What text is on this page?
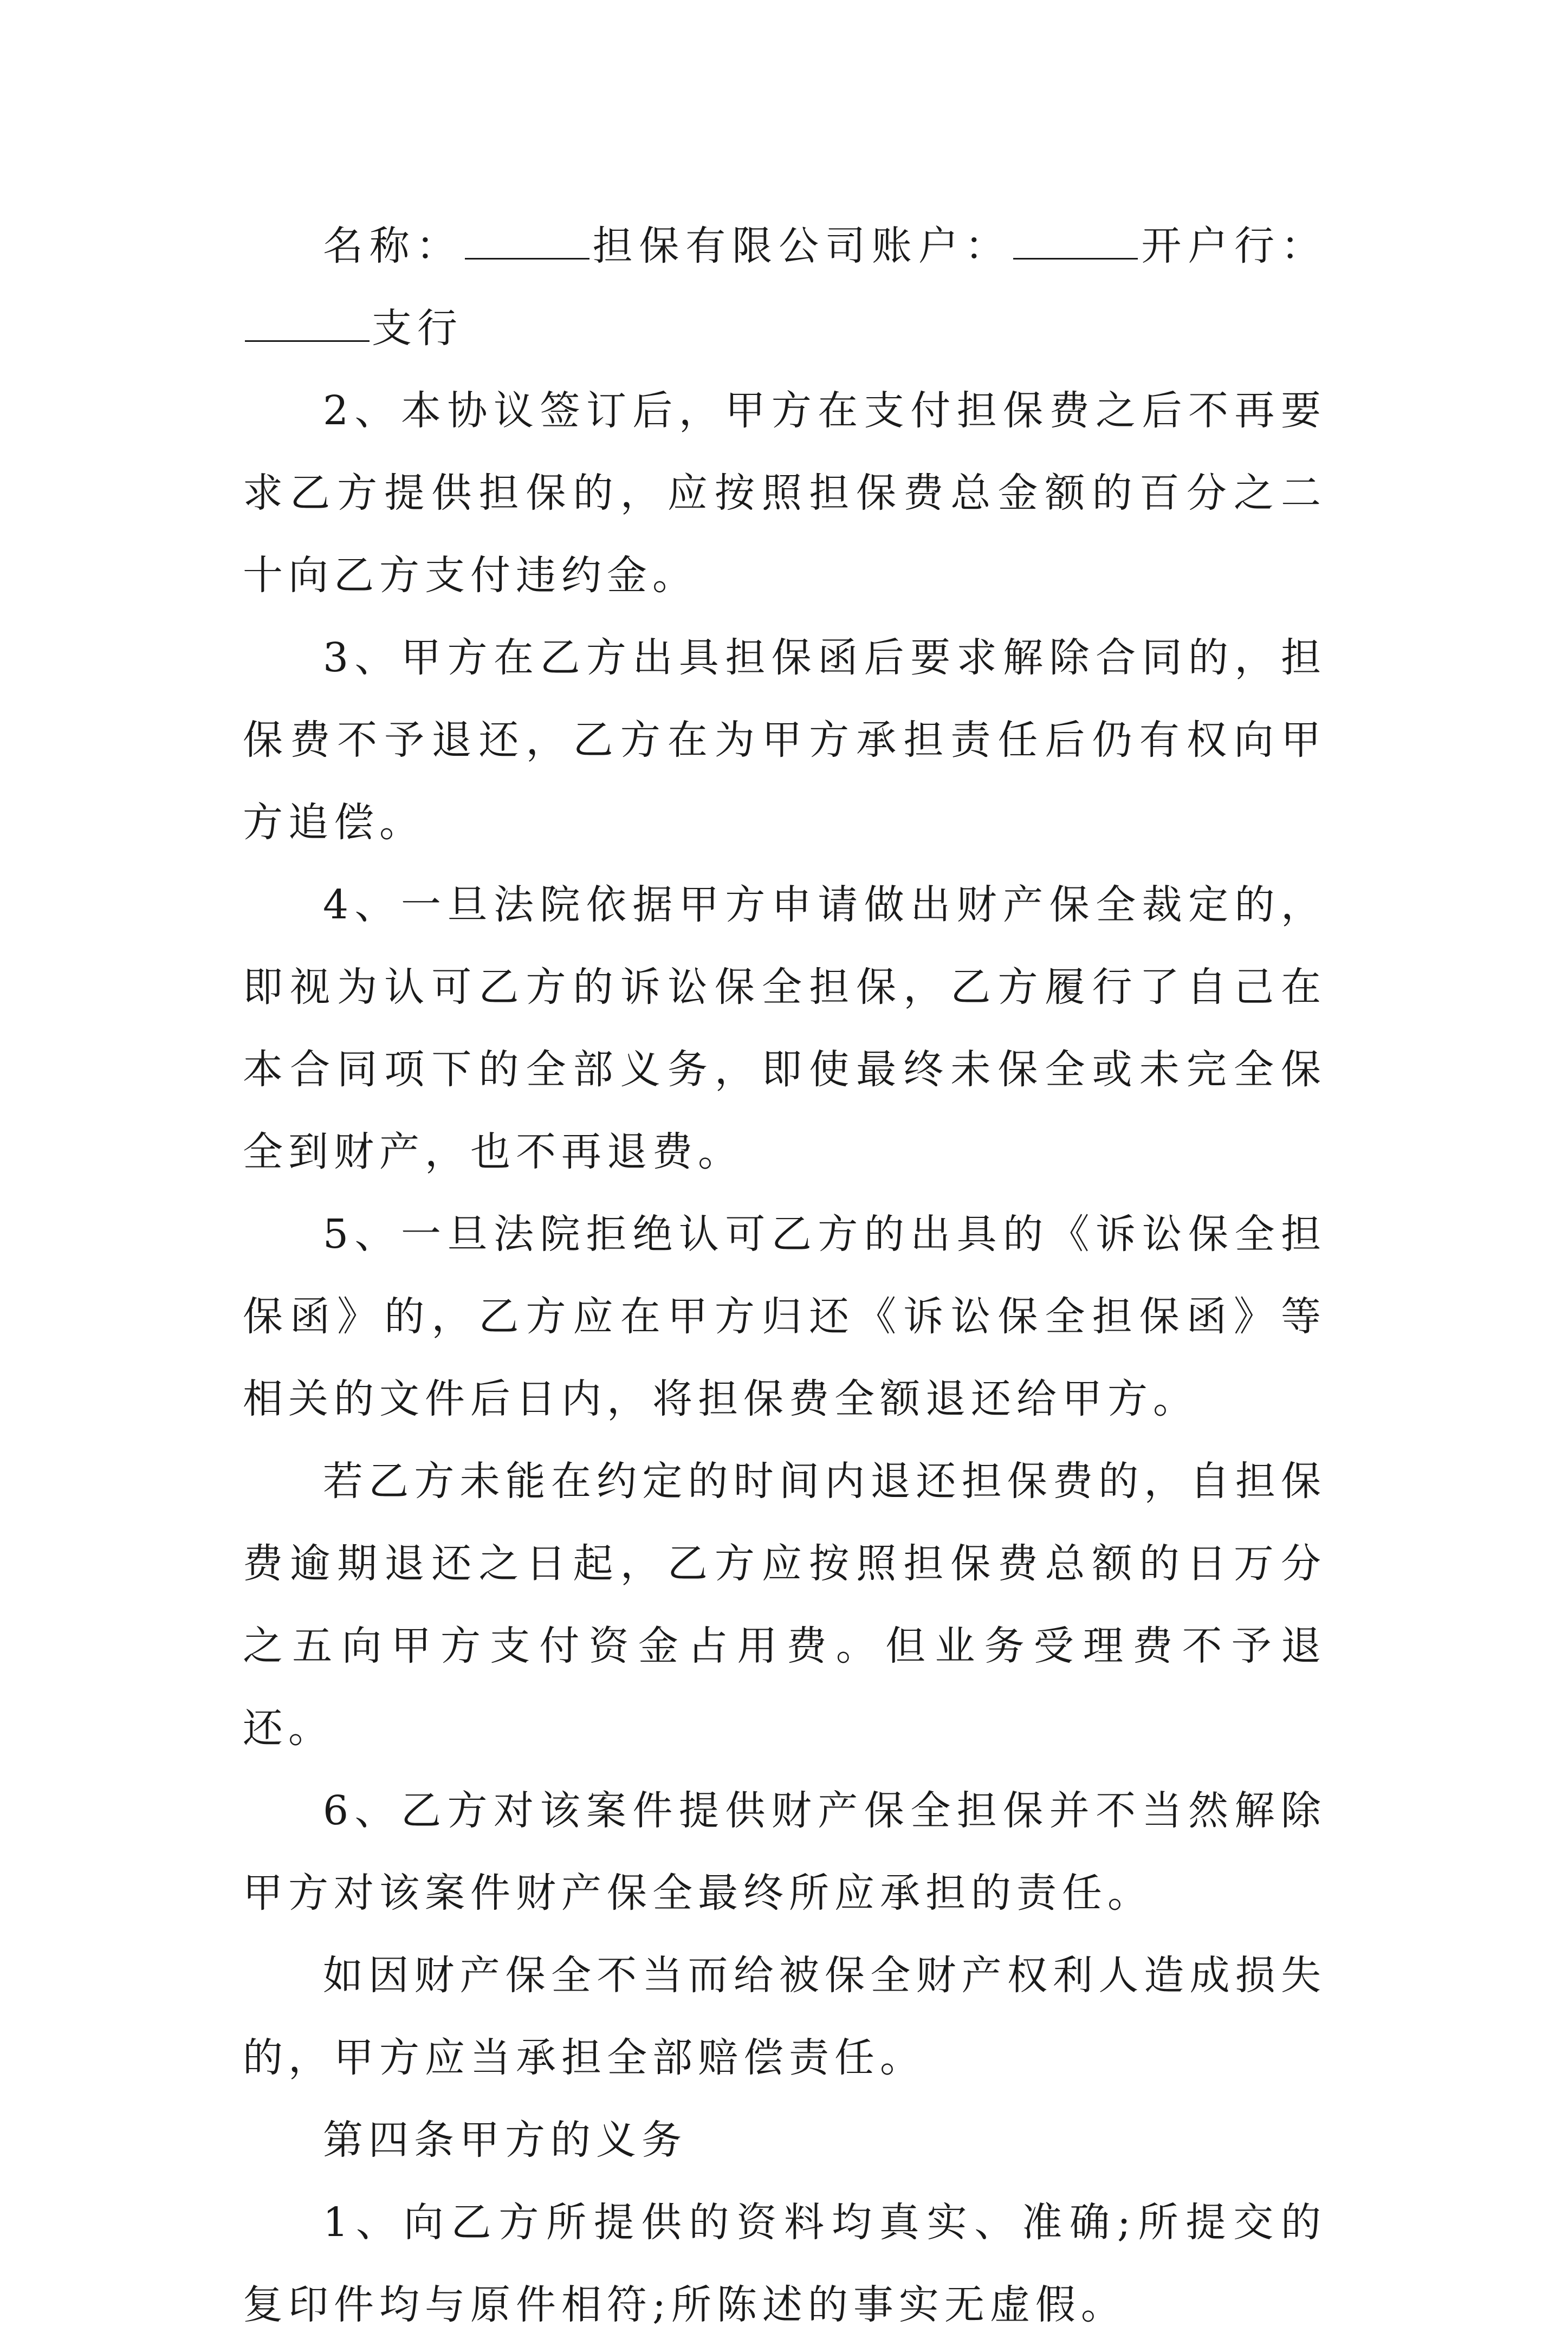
名称：	担保有限公司账户：	开户行：支行

2、本协议签订后，甲方在支付担保费之后不再要求乙方提供担保的，应按照担保费总金额的百分之二十向乙方支付违约金。

3、甲方在乙方出具担保函后要求解除合同的，担保费不予退还，乙方在为甲方承担责任后仍有权向甲方追偿。

4、一旦法院依据甲方申请做出财产保全裁定的，即视为认可乙方的诉讼保全担保，乙方履行了自己在本合同项下的全部义务，即使最终未保全或未完全保全到财产，也不再退费。

5、一旦法院拒绝认可乙方的出具的《诉讼保全担保函》的，乙方应在甲方归还《诉讼保全担保函》等相关的文件后日内，将担保费全额退还给甲方。

若乙方未能在约定的时间内退还担保费的，自担保费逾期退还之日起，乙方应按照担保费总额的日万分之五向甲方支付资金占用费。但业务受理费不予退还。

6、乙方对该案件提供财产保全担保并不当然解除甲方对该案件财产保全最终所应承担的责任。

如因财产保全不当而给被保全财产权利人造成损失的，甲方应当承担全部赔偿责任。

第四条甲方的义务

1、向乙方所提供的资料均真实、准确;所提交的复印件均与原件相符;所陈述的事实无虚假。
